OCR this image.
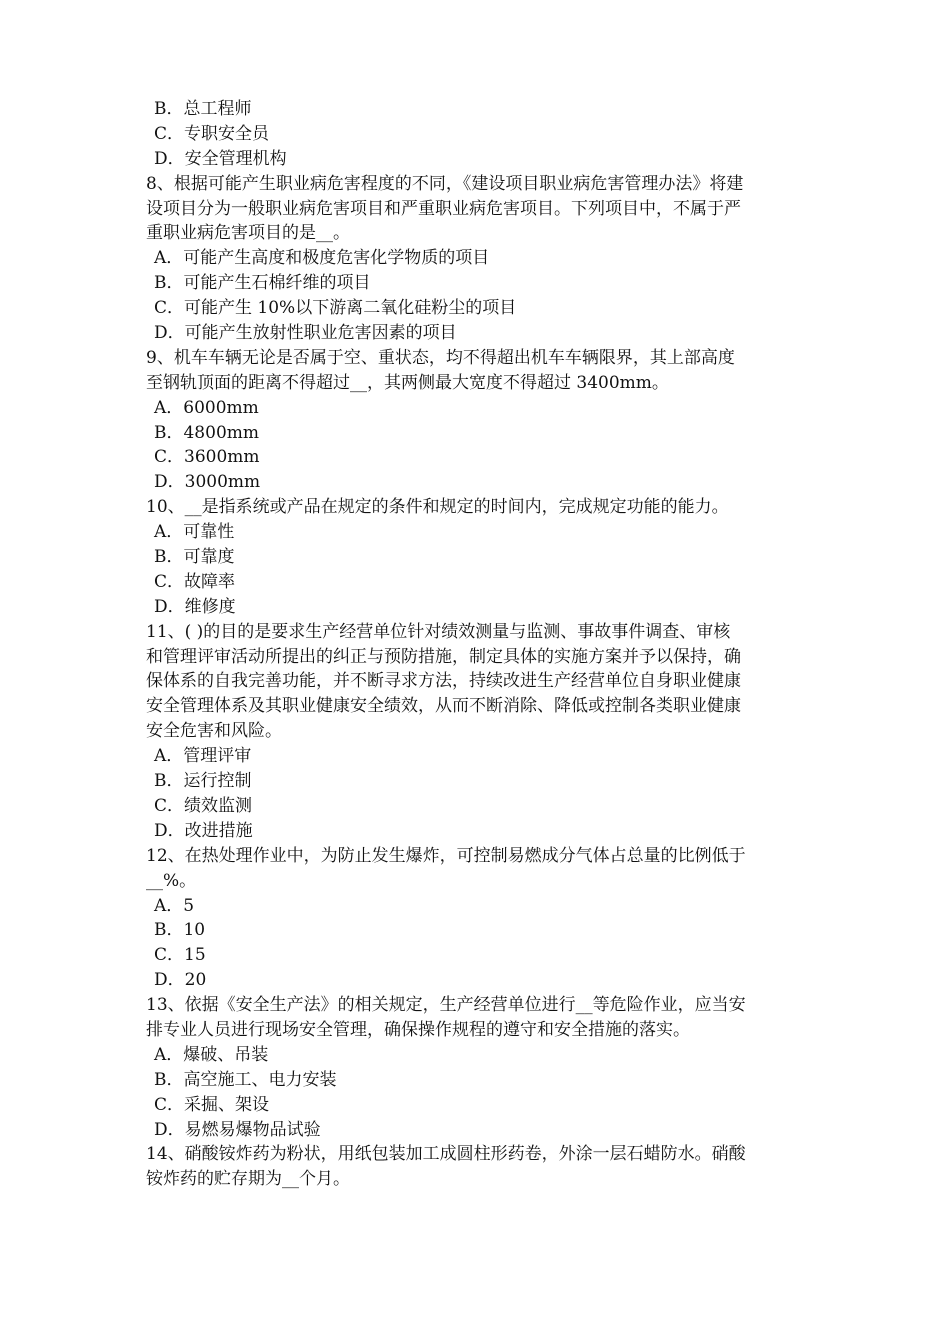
B．总工程师
C．专职安全员
D．安全管理机构
8、根据可能产生职业病危害程度的不同，《建设项目职业病危害管理办法》将建
设项目分为一般职业病危害项目和严重职业病危害项目。下列项目中，不属于严
重职业病危害项目的是__。
A．可能产生高度和极度危害化学物质的项目
B．可能产生石棉纤维的项目
C．可能产生 10%以下游离二氧化硅粉尘的项目
D．可能产生放射性职业危害因素的项目
9、机车车辆无论是否属于空、重状态，均不得超出机车车辆限界，其上部高度
至钢轨顶面的距离不得超过__，其两侧最大宽度不得超过 3400mm。
A．6000mm
B．4800mm
C．3600mm
D．3000mm
10、__是指系统或产品在规定的条件和规定的时间内，完成规定功能的能力。
A．可靠性
B．可靠度
C．故障率
D．维修度
11、( )的目的是要求生产经营单位针对绩效测量与监测、事故事件调查、审核
和管理评审活动所提出的纠正与预防措施，制定具体的实施方案并予以保持，确
保体系的自我完善功能，并不断寻求方法，持续改进生产经营单位自身职业健康
安全管理体系及其职业健康安全绩效，从而不断消除、降低或控制各类职业健康
安全危害和风险。
A．管理评审
B．运行控制
C．绩效监测
D．改进措施
12、在热处理作业中，为防止发生爆炸，可控制易燃成分气体占总量的比例低于
__%。
A．5
B．10
C．15
D．20
13、依据《安全生产法》的相关规定，生产经营单位进行__等危险作业，应当安
排专业人员进行现场安全管理，确保操作规程的遵守和安全措施的落实。
A．爆破、吊装
B．高空施工、电力安装
C．采掘、架设
D．易燃易爆物品试验
14、硝酸铵炸药为粉状，用纸包装加工成圆柱形药卷，外涂一层石蜡防水。硝酸
铵炸药的贮存期为__个月。
